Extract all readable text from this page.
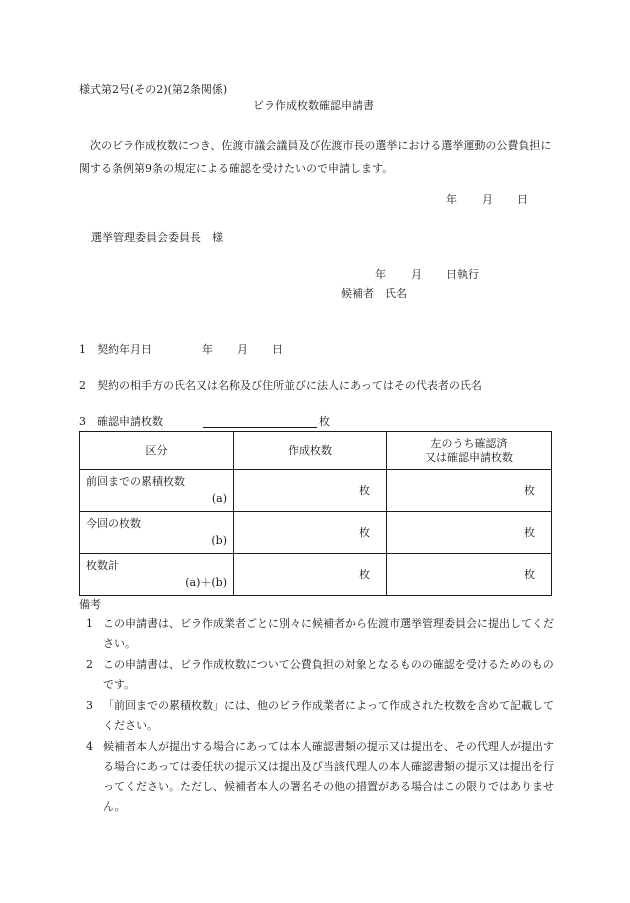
様式第2号(その2)(第2条関係)
ビラ作成枚数確認申請書
次のビラ作成枚数につき、佐渡市議会議員及び佐渡市長の選挙における選挙運動の公費負担に関する条例第9条の規定による確認を受けたいので申請します。
年 月 日
選挙管理委員会委員長　様
年 月 日執行
候補者　氏名
1　契約年月日	年 月 日
2　契約の相手方の氏名又は名称及び住所並びに法人にあってはその代表者の氏名
3　確認申請枚数	枚
区分	作成枚数	左のうち確認済
又は確認申請枚数

前回までの累積枚数
(a)	枚	枚

今回の枚数
(b)	枚	枚

枚数計
(a)＋(b)	枚	枚
備考
1 この申請書は、ビラ作成業者ごとに別々に候補者から佐渡市選挙管理委員会に提出してください。
2 この申請書は、ビラ作成枚数について公費負担の対象となるものの確認を受けるためのものです。
3 「前回までの累積枚数」には、他のビラ作成業者によって作成された枚数を含めて記載してください。
4 候補者本人が提出する場合にあっては本人確認書類の提示又は提出を、その代理人が提出する場合にあっては委任状の提示又は提出及び当該代理人の本人確認書類の提示又は提出を行ってください。ただし、候補者本人の署名その他の措置がある場合はこの限りではありません。
